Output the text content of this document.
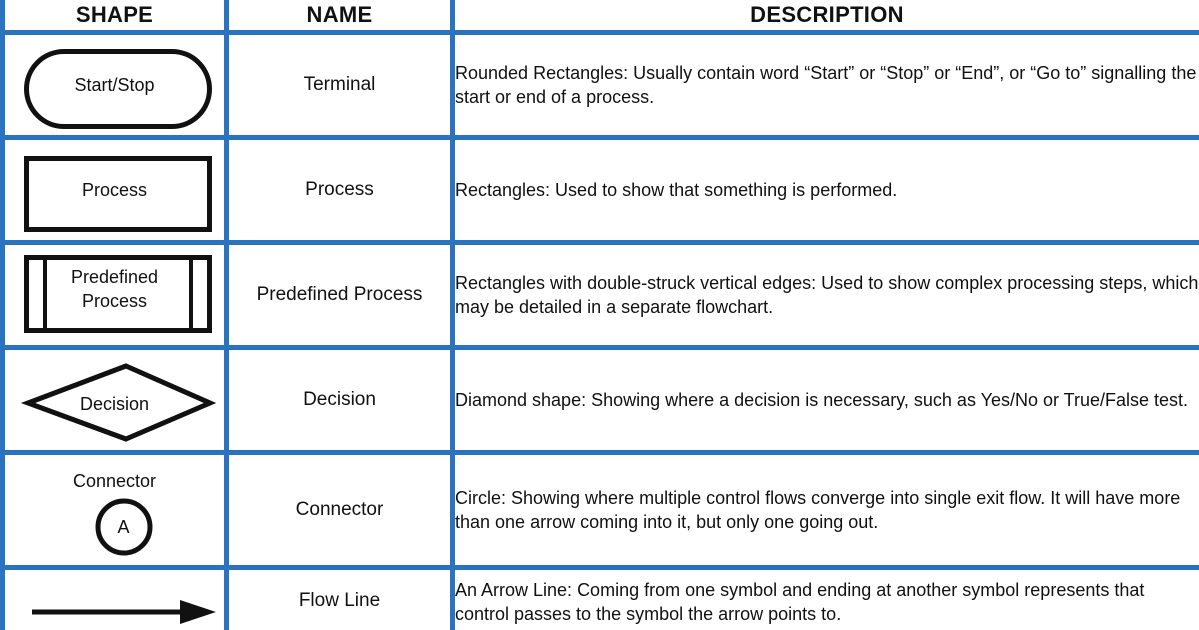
SHAPE	NAME	DESCRIPTION

Start/Stop	Terminal	Rounded Rectangles: Usually contain word “Start” or “Stop” or “End”, or “Go to” signalling the start or end of a process.

Process	Process	Rectangles: Used to show that something is performed.

Predefined
Process	Predefined Process	Rectangles with double-struck vertical edges: Used to show complex processing steps, which may be detailed in a separate flowchart.

Decision	Decision	Diamond shape: Showing where a decision is necessary, such as Yes/No or True/False test.

Connector
A	Connector	Circle: Showing where multiple control flows converge into single exit flow. It will have more than one arrow coming into it, but only one going out.

	Flow Line	An Arrow Line: Coming from one symbol and ending at another symbol represents that control passes to the symbol the arrow points to.
